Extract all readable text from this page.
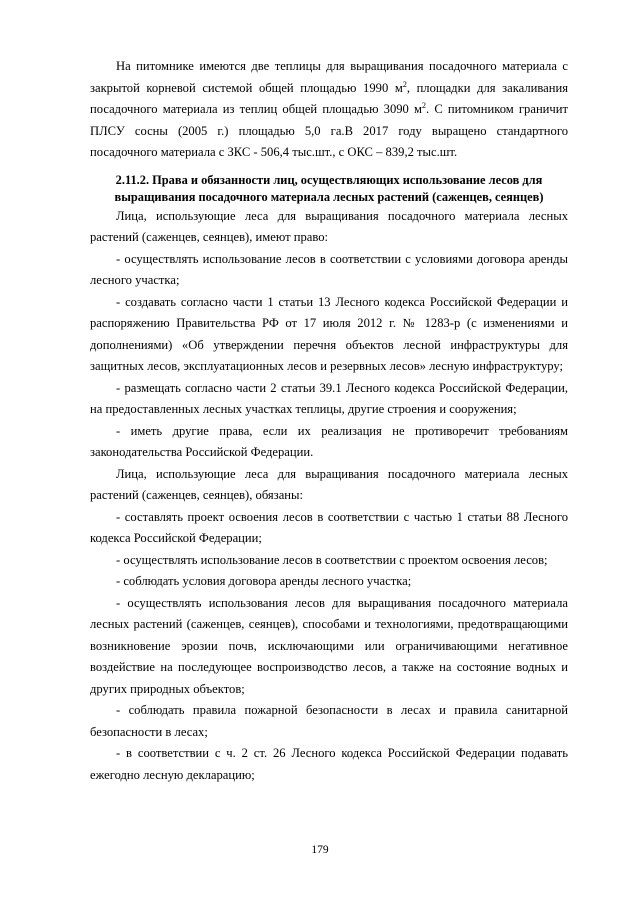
На питомнике имеются две теплицы для выращивания посадочного материала с закрытой корневой системой общей площадью 1990 $м^2$, площадки для закаливания посадочного материала из теплиц общей площадью 3090 $м^2$. С питомником граничит ПЛСУ сосны (2005 г.) площадью 5,0 га.В 2017 году выращено стандартного посадочного материала с ЗКС - 506,4 тыс.шт., с ОКС – 839,2 тыс.шт.

2.11.2. Права и обязанности лиц, осуществляющих использование лесов для выращивания посадочного материала лесных растений (саженцев, сеянцев)

Лица, использующие леса для выращивания посадочного материала лесных растений (саженцев, сеянцев), имеют право:

- осуществлять использование лесов в соответствии с условиями договора аренды лесного участка;

- создавать согласно части 1 статьи 13 Лесного кодекса Российской Федерации и распоряжению Правительства РФ от 17 июля 2012 г. № 1283-р (с изменениями и дополнениями) «Об утверждении перечня объектов лесной инфраструктуры для защитных лесов, эксплуатационных лесов и резервных лесов» лесную инфраструктуру;

- размещать согласно части 2 статьи 39.1 Лесного кодекса Российской Федерации, на предоставленных лесных участках теплицы, другие строения и сооружения;

- иметь другие права, если их реализация не противоречит требованиям законодательства Российской Федерации.

Лица, использующие леса для выращивания посадочного материала лесных растений (саженцев, сеянцев), обязаны:

- составлять проект освоения лесов в соответствии с частью 1 статьи 88 Лесного кодекса Российской Федерации;

- осуществлять использование лесов в соответствии с проектом освоения лесов;

- соблюдать условия договора аренды лесного участка;

- осуществлять использования лесов для выращивания посадочного материала лесных растений (саженцев, сеянцев), способами и технологиями, предотвращающими возникновение эрозии почв, исключающими или ограничивающими негативное воздействие на последующее воспроизводство лесов, а также на состояние водных и других природных объектов;

- соблюдать правила пожарной безопасности в лесах и правила санитарной безопасности в лесах;

- в соответствии с ч. 2 ст. 26 Лесного кодекса Российской Федерации подавать ежегодно лесную декларацию;

179
